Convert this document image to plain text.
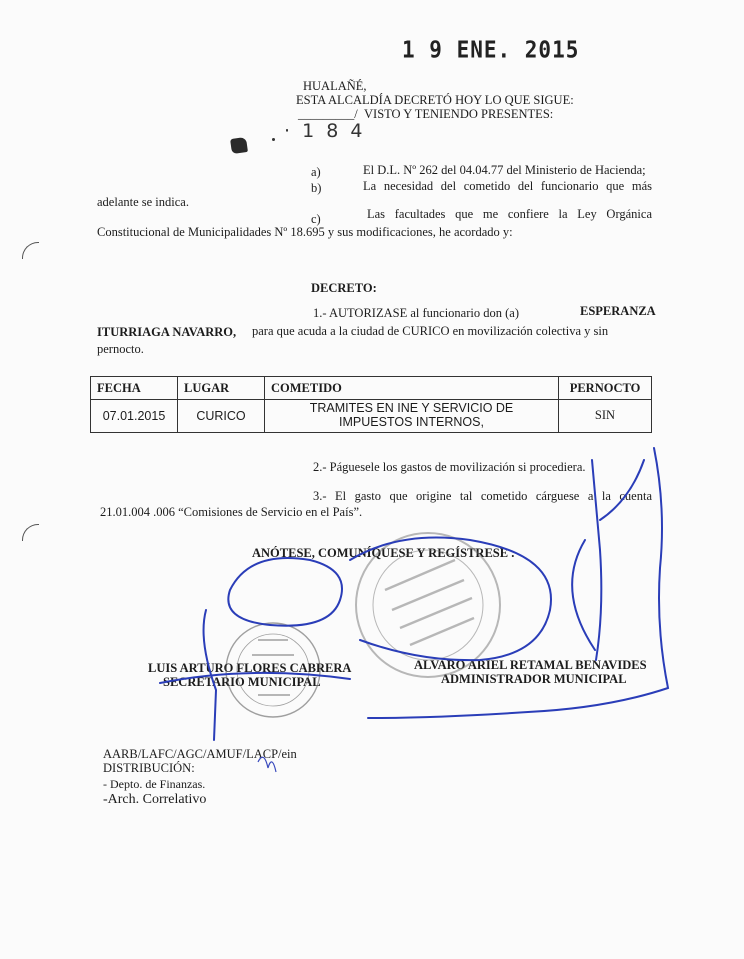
1 9 ENE. 2015
HUALAÑÉ,
ESTA ALCALDÍA DECRETÓ HOY LO QUE SIGUE:
_________/ VISTO Y TENIENDO PRESENTES:
· 1 8 4
a)	El D.L. Nº 262 del 04.04.77 del Ministerio de Hacienda;
b)	La necesidad del cometido del funcionario que más
adelante se indica.
c)	Las facultades que me confiere la Ley Orgánica
Constitucional de Municipalidades Nº 18.695 y sus modificaciones, he acordado y:
DECRETO:
1.- AUTORIZASE al funcionario don (a)	ESPERANZA
ITURRIAGA NAVARRO, para que acuda a la ciudad de CURICO en movilización colectiva y sin
pernocto.
FECHA	LUGAR	COMETIDO	PERNOCTO
07.01.2015	CURICO	TRAMITES EN INE Y SERVICIO DE
IMPUESTOS INTERNOS,	SIN
2.- Páguesele los gastos de movilización si procediera.
3.- El gasto que origine tal cometido cárguese a la cuenta
21.01.004 .006 “Comisiones de Servicio en el País”.
ANÓTESE, COMUNÍQUESE Y REGÍSTRESE .
LUIS ARTURO FLORES CABRERA
SECRETARIO MUNICIPAL
ALVARO ARIEL RETAMAL BENAVIDES
ADMINISTRADOR MUNICIPAL
AARB/LAFC/AGC/AMUF/LACP/ein
DISTRIBUCIÓN:
- Depto. de Finanzas.
-Arch. Correlativo
